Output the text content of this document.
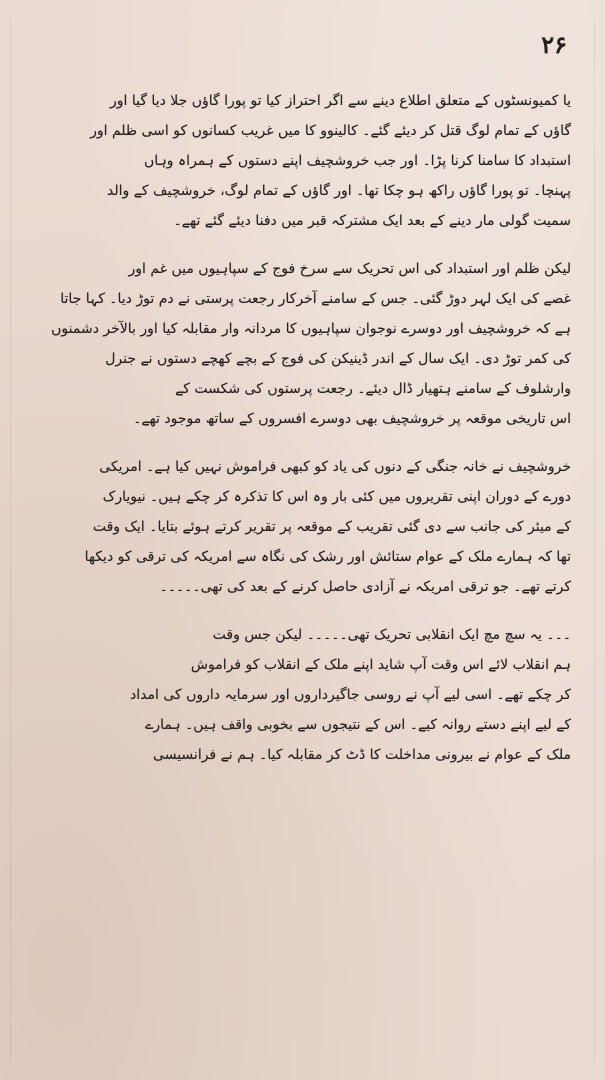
۲۶
یا کمیونسٹوں کے متعلق اطلاع دینے سے اگر احتراز کیا تو پورا گاؤں جلا دیا گیا اور
گاؤں کے تمام لوگ قتل کر دیئے گئے۔ کالینوو کا میں غریب کسانوں کو اسی ظلم اور
استبداد کا سامنا کرنا پڑا۔ اور جب خروشچیف اپنے دستوں کے ہمراہ وہاں
پہنچا۔ تو پورا گاؤں راکھ ہو چکا تھا۔ اور گاؤں کے تمام لوگ، خروشچیف کے والد
سمیت گولی مار دینے کے بعد ایک مشترکہ قبر میں دفنا دیئے گئے تھے۔
لیکن ظلم اور استبداد کی اس تحریک سے سرخ فوج کے سپاہیوں میں غم اور
غصے کی ایک لہر دوڑ گئی۔ جس کے سامنے آخرکار رجعت پرستی نے دم توڑ دیا۔ کہا جاتا
ہے کہ خروشچیف اور دوسرے نوجوان سپاہیوں کا مردانہ وار مقابلہ کیا اور بالآخر دشمنوں
کی کمر توڑ دی۔ ایک سال کے اندر ڈینیکن کی فوج کے بچے کھچے دستوں نے جنرل
وارشلوف کے سامنے ہتھیار ڈال دیئے۔ رجعت پرستوں کی شکست کے
اس تاریخی موقعہ پر خروشچیف بھی دوسرے افسروں کے ساتھ موجود تھے۔
خروشچیف نے خانہ جنگی کے دنوں کی یاد کو کبھی فراموش نہیں کیا ہے۔ امریکی
دورے کے دوران اپنی تقریروں میں کئی بار وہ اس کا تذکرہ کر چکے ہیں۔ نیویارک
کے میئر کی جانب سے دی گئی تقریب کے موقعہ پر تقریر کرتے ہوئے بتایا۔ ایک وقت
تھا کہ ہمارے ملک کے عوام ستائش اور رشک کی نگاہ سے امریکہ کی ترقی کو دیکھا
کرتے تھے۔ جو ترقی امریکہ نے آزادی حاصل کرنے کے بعد کی تھی۔۔۔۔۔
۔۔۔ یہ سچ مچ ایک انقلابی تحریک تھی۔۔۔۔۔ لیکن جس وقت
ہم انقلاب لائے اس وقت آپ شاید اپنے ملک کے انقلاب کو فراموش
کر چکے تھے۔ اسی لیے آپ نے روسی جاگیرداروں اور سرمایہ داروں کی امداد
کے لیے اپنے دستے روانہ کیے۔ اس کے نتیجوں سے بخوبی واقف ہیں۔ ہمارے
ملک کے عوام نے بیرونی مداخلت کا ڈٹ کر مقابلہ کیا۔ ہم نے فرانسیسی
